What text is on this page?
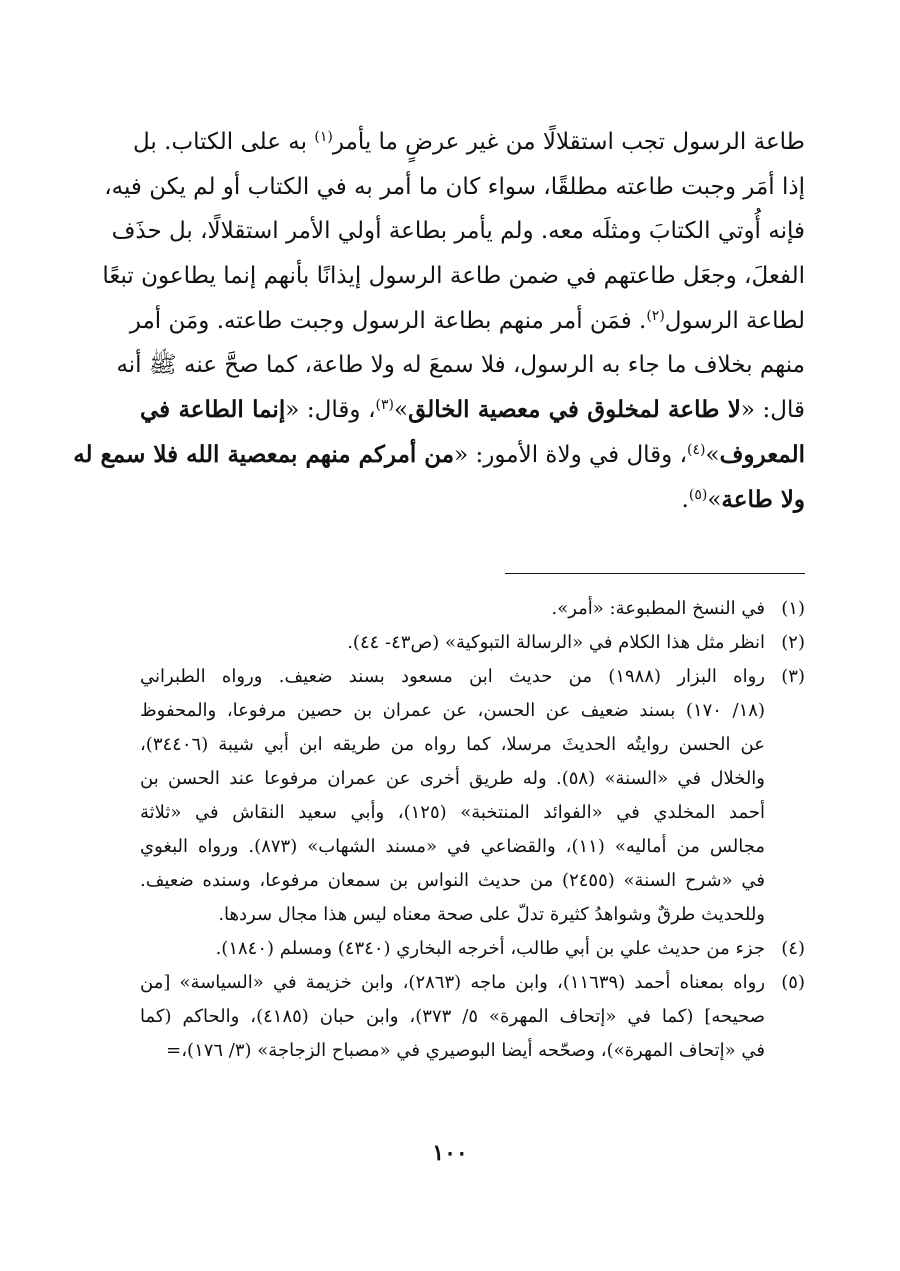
طاعة الرسول تجب استقلالًا من غير عرضٍ ما يأمر$^{(١)}$ به على الكتاب. بل
إذا أمَر وجبت طاعته مطلقًا، سواء كان ما أمر به في الكتاب أو لم يكن فيه،
فإنه أُوتي الكتابَ ومثلَه معه. ولم يأمر بطاعة أولي الأمر استقلالًا، بل حذَف
الفعلَ، وجعَل طاعتهم في ضمن طاعة الرسول إيذانًا بأنهم إنما يطاعون تبعًا
لطاعة الرسول$^{(٢)}$. فمَن أمر منهم بطاعة الرسول وجبت طاعته. ومَن أمر
منهم بخلاف ما جاء به الرسول، فلا سمعَ له ولا طاعة، كما صحَّ عنه ﷺ أنه
قال: «لا طاعة لمخلوق في معصية الخالق»$^{(٣)}$، وقال: «إنما الطاعة في
المعروف»$^{(٤)}$، وقال في ولاة الأمور: «من أمركم منهم بمعصية الله فلا سمع له
ولا طاعة»$^{(٥)}$.
(١)
في النسخ المطبوعة: «أمر».
(٢)
انظر مثل هذا الكلام في «الرسالة التبوكية» (ص٤٣- ٤٤).
(٣)
رواه البزار (١٩٨٨) من حديث ابن مسعود بسند ضعيف. ورواه الطبراني
(١٨/ ١٧٠) بسند ضعيف عن الحسن، عن عمران بن حصين مرفوعا، والمحفوظ
عن الحسن روايتُه الحديثَ مرسلا، كما رواه من طريقه ابن أبي شيبة (٣٤٤٠٦)،
والخلال في «السنة» (٥٨). وله طريق أخرى عن عمران مرفوعا عند الحسن بن
أحمد المخلدي في «الفوائد المنتخبة» (١٢٥)، وأبي سعيد النقاش في «ثلاثة
مجالس من أماليه» (١١)، والقضاعي في «مسند الشهاب» (٨٧٣). ورواه البغوي
في «شرح السنة» (٢٤٥٥) من حديث النواس بن سمعان مرفوعا، وسنده ضعيف.
وللحديث طرقٌ وشواهدُ كثيرة تدلّ على صحة معناه ليس هذا مجال سردها.
(٤)
جزء من حديث علي بن أبي طالب، أخرجه البخاري (٤٣٤٠) ومسلم (١٨٤٠).
(٥)
رواه بمعناه أحمد (١١٦٣٩)، وابن ماجه (٢٨٦٣)، وابن خزيمة في «السياسة» [من
صحيحه] (كما في «إتحاف المهرة» ٥/ ٣٧٣)، وابن حبان (٤١٨٥)، والحاكم (كما
في «إتحاف المهرة»)، وصحّحه أيضا البوصيري في «مصباح الزجاجة» (٣/ ١٧٦)،=
١٠٠
